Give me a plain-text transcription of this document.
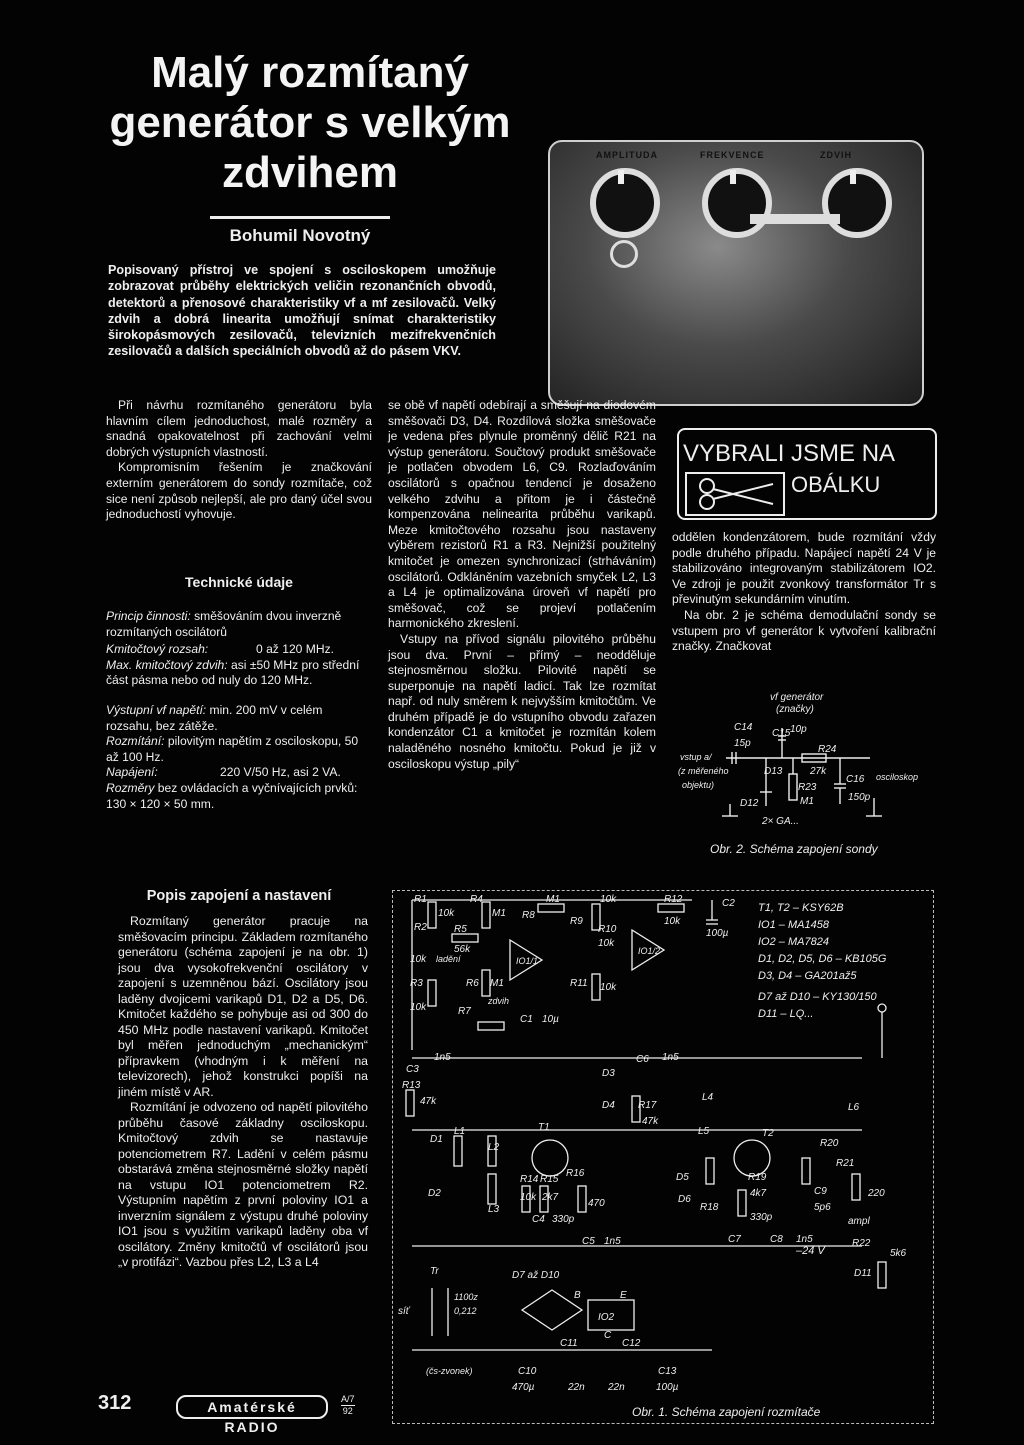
Malý rozmítaný generátor s velkým zdvihem
Bohumil Novotný
Popisovaný přístroj ve spojení s osciloskopem umožňuje zobrazovat průběhy elektrických veličin rezonančních obvodů, detektorů a přenosové charakteristiky vf a mf zesilovačů. Velký zdvih a dobrá linearita umožňují snímat charakteristiky širokopásmových zesilovačů, televizních mezifrekvenčních zesilovačů a dalších speciálních obvodů až do pásem VKV.
AMPLITUDA	FREKVENCE	ZDVIH

Při návrhu rozmítaného generátoru byla hlavním cílem jednoduchost, malé rozměry a snadná opakovatelnost při zachování velmi dobrých výstupních vlastností.

Kompromisním řešením je značkování externím generátorem do sondy rozmítače, což sice není způsob nejlepší, ale pro daný účel svou jednoduchostí vyhovuje.

Technické údaje
Princip činnosti: směšováním dvou inverzně rozmítaných oscilátorů
Kmitočtový rozsah:	0 až 120 MHz.
Max. kmitočtový zdvih: asi ±50 MHz pro střední část pásma nebo od nuly do 120 MHz.
Výstupní vf napětí: min. 200 mV v celém rozsahu, bez zátěže.
Rozmítání: pilovitým napětím z osciloskopu, 50 až 100 Hz.
Napájení:	220 V/50 Hz, asi 2 VA.
Rozměry bez ovládacích a vyčnívajících prvků: 130 × 120 × 50 mm.
Popis zapojení a nastavení

Rozmítaný generátor pracuje na směšovacím principu. Základem rozmítaného generátoru (schéma zapojení je na obr. 1) jsou dva vysokofrekvenční oscilátory v zapojení s uzemněnou bází. Oscilátory jsou laděny dvojicemi varikapů D1, D2 a D5, D6. Kmitočet každého se pohybuje asi od 300 do 450 MHz podle nastavení varikapů. Kmitočet byl měřen jednoduchým „mechanickým“ přípravkem (vhodným i k měření na televizorech), jehož konstrukci popíši na jiném místě v AR.

Rozmítání je odvozeno od napětí pilovitého průběhu časové základny osciloskopu. Kmitočtový zdvih se nastavuje potenciometrem R7. Ladění v celém pásmu obstarává změna stejnosměrné složky napětí na vstupu IO1 potenciometrem R2. Výstupním napětím z první poloviny IO1 a inverzním signálem z výstupu druhé poloviny IO1 jsou s využitím varikapů laděny oba vf oscilátory. Změny kmitočtů vf oscilátorů jsou „v protifázi“. Vazbou přes L2, L3 a L4

se obě vf napětí odebírají a směšují na diodovém směšovači D3, D4. Rozdílová složka směšovače je vedena přes plynule proměnný dělič R21 na výstup generátoru. Součtový produkt směšovače je potlačen obvodem L6, C9. Rozlaďováním oscilátorů s opačnou tendencí je dosaženo velkého zdvihu a přitom je i částečně kompenzována nelinearita průběhu varikapů. Meze kmitočtového rozsahu jsou nastaveny výběrem rezistorů R1 a R3. Nejnižší použitelný kmitočet je omezen synchronizací (strháváním) oscilátorů. Odkláněním vazebních smyček L2, L3 a L4 je optimalizována úroveň vf napětí pro směšovač, což se projeví potlačením harmonického zkreslení.

Vstupy na přívod signálu pilovitého průběhu jsou dva. První – přímý – neodděluje stejnosměrnou složku. Pilovité napětí se superponuje na napětí ladicí. Tak lze rozmítat např. od nuly směrem k nejvyšším kmitočtům. Ve druhém případě je do vstupního obvodu zařazen kondenzátor C1 a kmitočet je rozmítán kolem naladěného nosného kmitočtu. Pokud je již v osciloskopu výstup „pily“

VYBRALI JSME NA
OBÁLKU

oddělen kondenzátorem, bude rozmítání vždy podle druhého případu. Napájecí napětí 24 V je stabilizováno integrovaným stabilizátorem IO2. Ve zdroji je použit zvonkový transformátor Tr s převinutým sekundárním vinutím.

Na obr. 2 je schéma demodulační sondy se vstupem pro vf generátor k vytvoření kalibrační značky. Značkovat

vf generátor
(značky)
C14
15p
C15 10p
vstup a/
(z měřeného
objektu)
D13
R24
27k
R23
M1
C16
150p
osciloskop
D12
2× GA...
Obr. 2. Schéma zapojení sondy
T1, T2 – KSY62B
IO1 – MA1458
IO2 – MA7824
D1, D2, D5, D6 – KB105G
D3, D4 – GA201až5
D7 až D10 – KY130/150
D11 – LQ...
R1
10k
R4
M1 R8
M1	R12
10k
C2
100µ
R2	R5
56k
R9
10k
R10
10k
IO1/1
IO1/2
10k ladění
R3	R6 M1	R11 10k
R7
zdvih
C1 10µ
10k
C3
1n5	C6 1n5
D3
R13
47k	D4 R17
47k
L4
L6
T1
T2
L1
L2
L5
R20
D1
R14 R15
R16
10k 2k7
470
D5	R19
4k7	C9
5p6
R21
220
ampl
D2
L3
C4 330p
D6
R18
330p
C7	C8 1n5
C5 1n5
Tr
síť
1100z
0,212
D7 až D10
B
IO2
E
C11
C
C12
C10
470µ	22n 22n
C13
100µ
(čs-zvonek)
–24 V
R22
5k6
D11
Obr. 1. Schéma zapojení rozmítače
312	Amatérské RADIO
A/7
92
